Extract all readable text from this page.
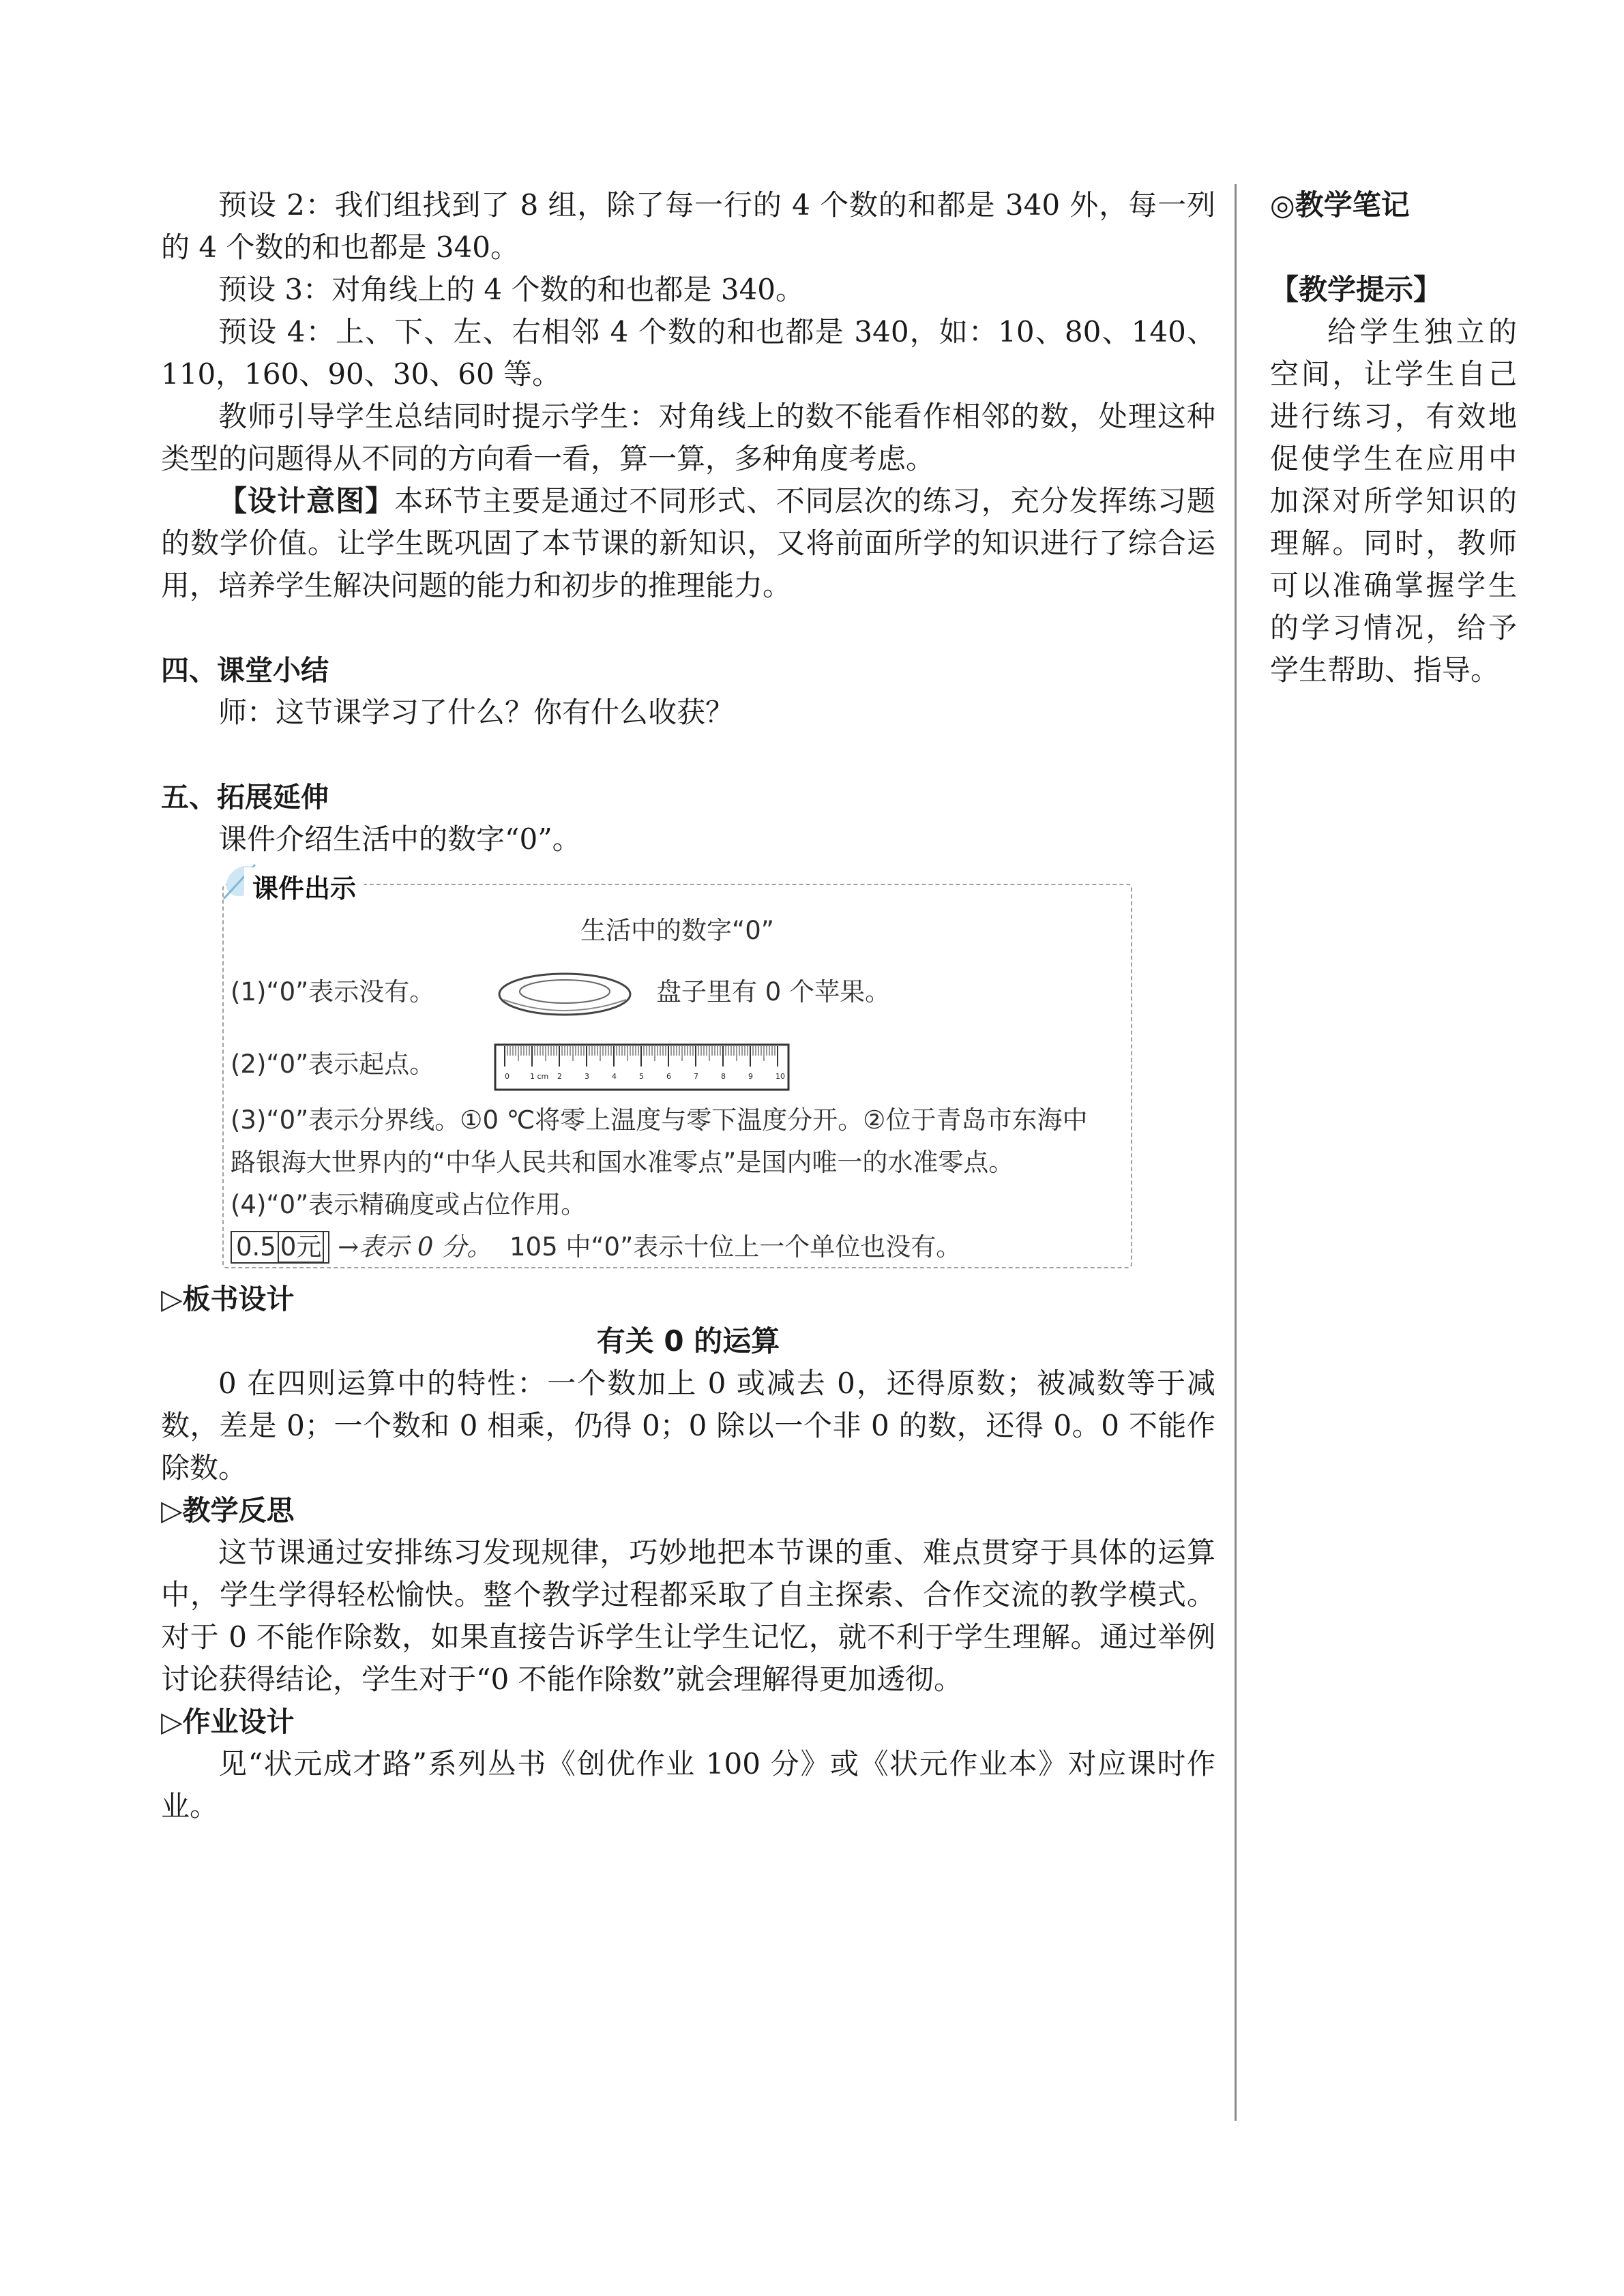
预设 2：我们组找到了 8 组，除了每一行的 4 个数的和都是 340 外，每一列的 4 个数的和也都是 340。

预设 3：对角线上的 4 个数的和也都是 340。

预设 4：上、下、左、右相邻 4 个数的和也都是 340，如：10、80、140、110，160、90、30、60 等。

教师引导学生总结同时提示学生：对角线上的数不能看作相邻的数，处理这种类型的问题得从不同的方向看一看，算一算，多种角度考虑。

【设计意图】本环节主要是通过不同形式、不同层次的练习，充分发挥练习题的数学价值。让学生既巩固了本节课的新知识，又将前面所学的知识进行了综合运用，培养学生解决问题的能力和初步的推理能力。

四、课堂小结

师：这节课学习了什么？你有什么收获？

五、拓展延伸

课件介绍生活中的数字“0”。

课件出示
生活中的数字“0”
(1)“0”表示没有。	盘子里有 0 个苹果。
(2)“0”表示起点。	0	1 cm 2	3	4	5	6	7	8	9	10
(3)“0”表示分界线。①0 ℃将零上温度与零下温度分开。②位于青岛市东海中
路银海大世界内的“中华人民共和国水准零点”是国内唯一的水准零点。
(4)“0”表示精确度或占位作用。
0.5 0元 →表示 0 分。 105 中“0”表示十位上一个单位也没有。

▷板书设计

有关 0 的运算

0 在四则运算中的特性：一个数加上 0 或减去 0，还得原数；被减数等于减数，差是 0；一个数和 0 相乘，仍得 0；0 除以一个非 0 的数，还得 0。0 不能作除数。

▷教学反思

这节课通过安排练习发现规律，巧妙地把本节课的重、难点贯穿于具体的运算中，学生学得轻松愉快。整个教学过程都采取了自主探索、合作交流的教学模式。对于 0 不能作除数，如果直接告诉学生让学生记忆，就不利于学生理解。通过举例讨论获得结论，学生对于“0 不能作除数”就会理解得更加透彻。

▷作业设计

见“状元成才路”系列丛书《创优作业 100 分》或《状元作业本》对应课时作业。

◎教学笔记

【教学提示】

给学生独立的空间，让学生自己进行练习，有效地促使学生在应用中加深对所学知识的理解。同时，教师可以准确掌握学生的学习情况，给予学生帮助、指导。
